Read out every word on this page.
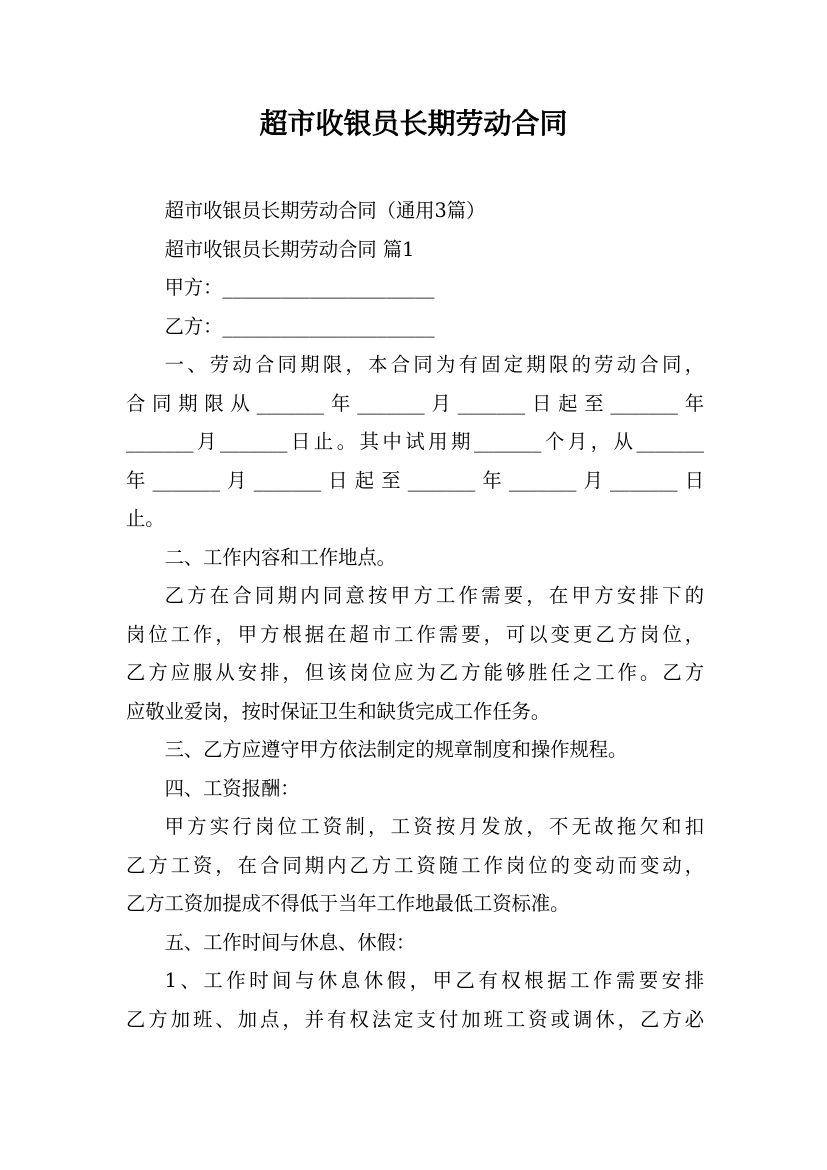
超市收银员长期劳动合同

超市收银员长期劳动合同（通用3篇）

超市收银员长期劳动合同 篇1

甲方：______________________

乙方：______________________

一、劳动合同期限，本合同为有固定期限的劳动合同，
合同期限从_______年_______月_______日起至_______年
_______月_______日止。其中试用期_______个月，从_______
年_______月_______日起至_______年_______月_______日
止。

二、工作内容和工作地点。

乙方在合同期内同意按甲方工作需要，在甲方安排下的
岗位工作，甲方根据在超市工作需要，可以变更乙方岗位，
乙方应服从安排，但该岗位应为乙方能够胜任之工作。乙方
应敬业爱岗，按时保证卫生和缺货完成工作任务。

三、乙方应遵守甲方依法制定的规章制度和操作规程。

四、工资报酬：

甲方实行岗位工资制，工资按月发放，不无故拖欠和扣
乙方工资，在合同期内乙方工资随工作岗位的变动而变动，
乙方工资加提成不得低于当年工作地最低工资标准。

五、工作时间与休息、休假：

1、工作时间与休息休假，甲乙有权根据工作需要安排
乙方加班、加点，并有权法定支付加班工资或调休，乙方必
